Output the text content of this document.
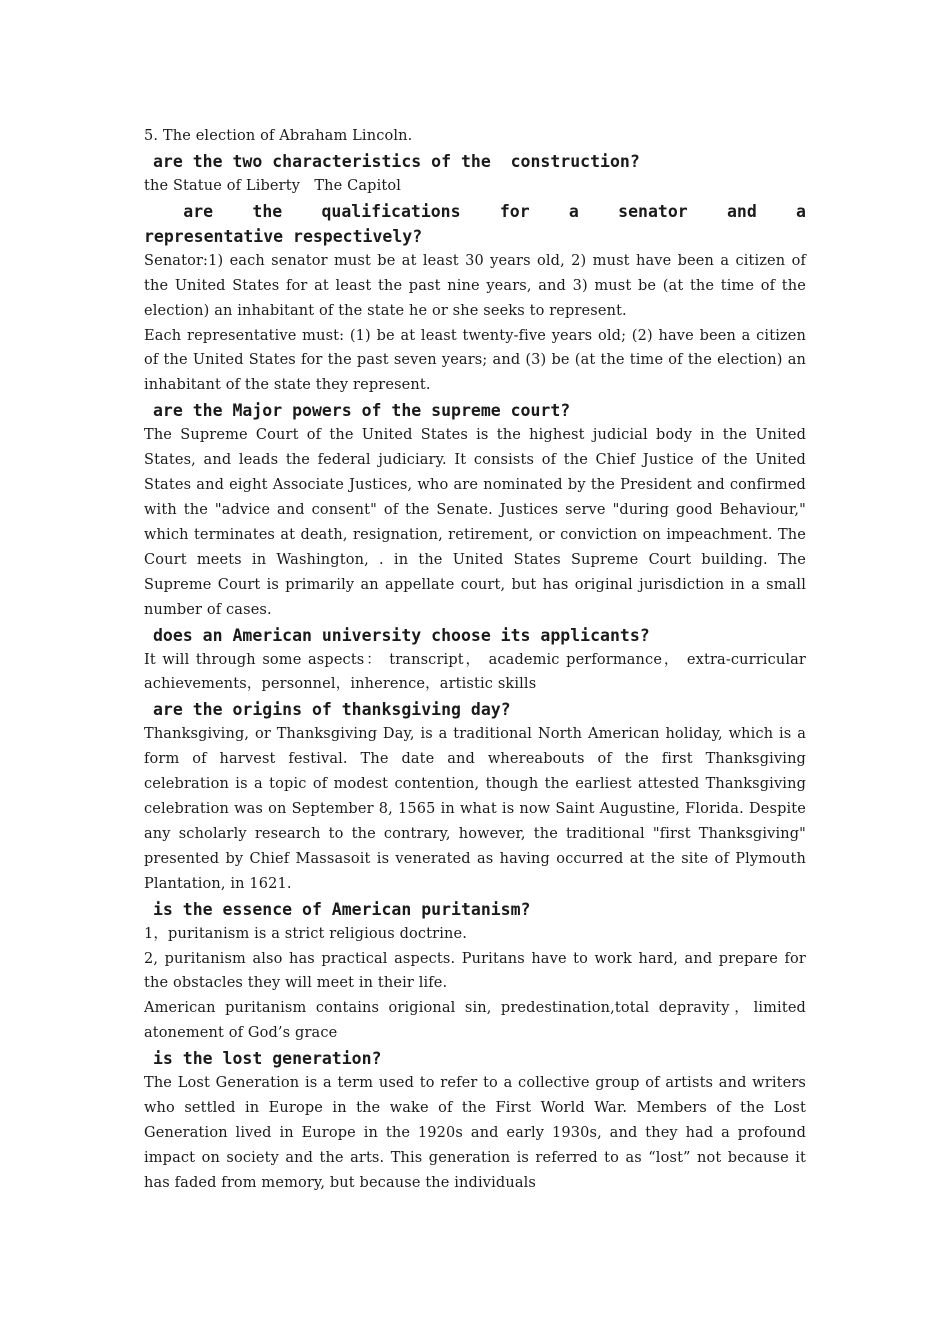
5. The election of Abraham Lincoln.

are the two characteristics of the  construction?

the Statue of Liberty   The Capitol

are  the  qualifications  for  a  senator  and  a  representative respectively?

Senator:1) each senator must be at least 30 years old, 2) must have been a citizen of the United States for at least the past nine years, and 3) must be (at the time of the election) an inhabitant of the state he or she seeks to represent.

Each representative must: (1) be at least twenty-five years old; (2) have been a citizen of the United States for the past seven years; and (3) be (at the time of the election) an inhabitant of the state they represent.

are the Major powers of the supreme court?

The Supreme Court of the United States is the highest judicial body in the United States, and leads the federal judiciary. It consists of the Chief Justice of the United States and eight Associate Justices, who are nominated by the President and confirmed with the "advice and consent" of the Senate. Justices serve "during good Behaviour," which terminates at death, resignation, retirement, or conviction on impeachment. The Court meets in Washington, . in the United States Supreme Court building. The Supreme Court is primarily an appellate court, but has original jurisdiction in a small number of cases.

does an American university choose its applicants?

It will through some aspects： transcript， academic performance， extra-curricular achievements，personnel，inherence，artistic skills

are the origins of thanksgiving day?

Thanksgiving, or Thanksgiving Day, is a traditional North American holiday, which is a form of harvest festival. The date and whereabouts of the first Thanksgiving celebration is a topic of modest contention, though the earliest attested Thanksgiving celebration was on September 8, 1565 in what is now Saint Augustine, Florida. Despite any scholarly research to the contrary, however, the traditional "first Thanksgiving" presented by Chief Massasoit is venerated as having occurred at the site of Plymouth Plantation, in 1621.

is the essence of American puritanism?

1，puritanism is a strict religious doctrine.

2, puritanism also has practical aspects. Puritans have to work hard, and prepare for the obstacles they will meet in their life.

American puritanism contains origional sin, predestination,total depravity，limited atonement of God’s grace

is the lost generation?

The Lost Generation is a term used to refer to a collective group of artists and writers who settled in Europe in the wake of the First World War. Members of the Lost Generation lived in Europe in the 1920s and early 1930s, and they had a profound impact on society and the arts. This generation is referred to as “lost” not because it has faded from memory, but because the individuals
